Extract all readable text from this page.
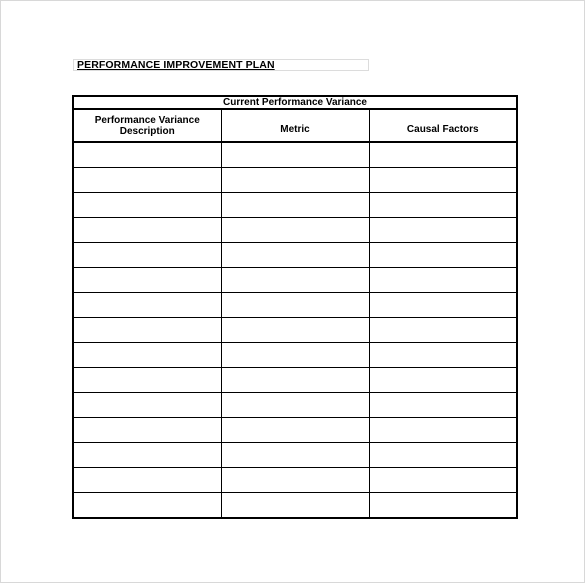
PERFORMANCE IMPROVEMENT PLAN
Current Performance Variance		
Performance Variance Description	Metric	Causal Factors
